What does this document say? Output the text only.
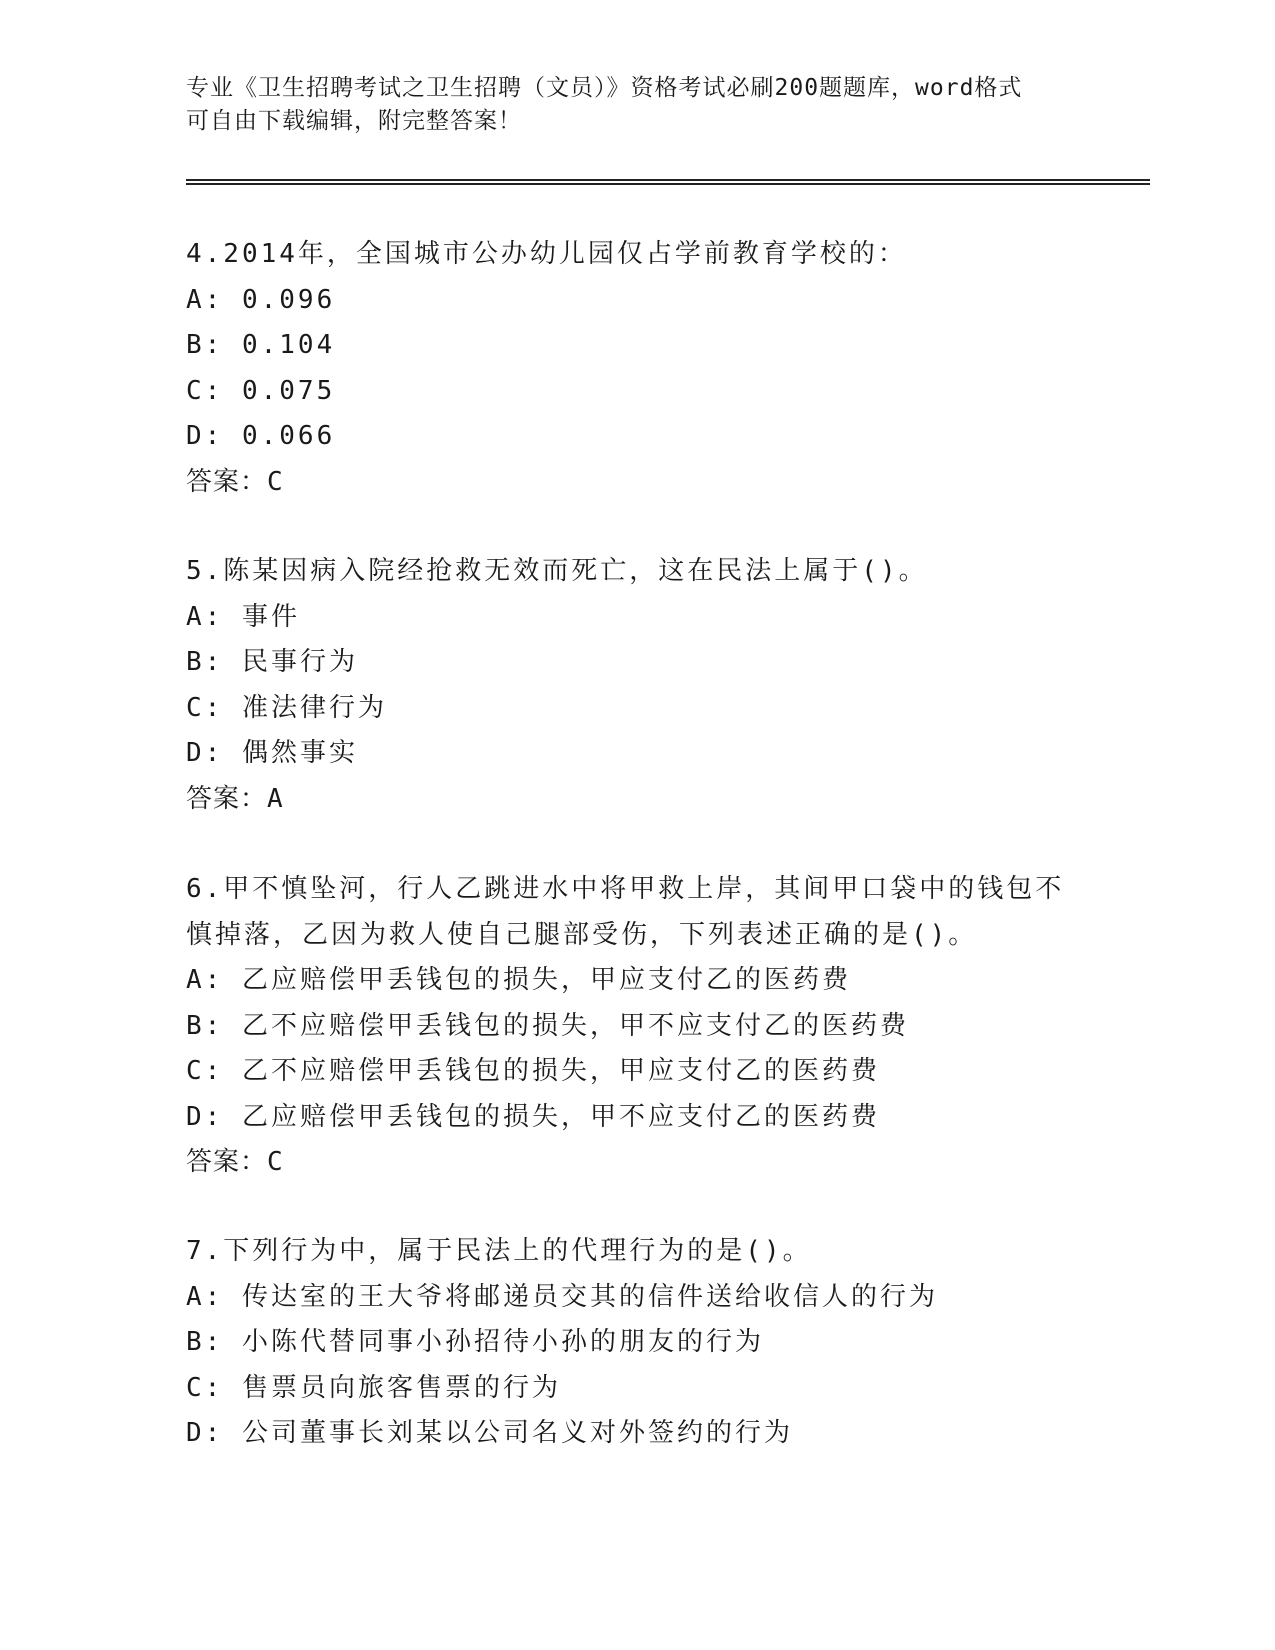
专业《卫生招聘考试之卫生招聘（文员）》资格考试必刷200题题库，word格式
可自由下载编辑，附完整答案！
4.2014年，全国城市公办幼儿园仅占学前教育学校的：
A: 0.096
B: 0.104
C: 0.075
D: 0.066
答案：C
5.陈某因病入院经抢救无效而死亡，这在民法上属于()。
A: 事件
B: 民事行为
C: 准法律行为
D: 偶然事实
答案：A
6.甲不慎坠河，行人乙跳进水中将甲救上岸，其间甲口袋中的钱包不
慎掉落，乙因为救人使自己腿部受伤，下列表述正确的是()。
A: 乙应赔偿甲丢钱包的损失，甲应支付乙的医药费
B: 乙不应赔偿甲丢钱包的损失，甲不应支付乙的医药费
C: 乙不应赔偿甲丢钱包的损失，甲应支付乙的医药费
D: 乙应赔偿甲丢钱包的损失，甲不应支付乙的医药费
答案：C
7.下列行为中，属于民法上的代理行为的是()。
A: 传达室的王大爷将邮递员交其的信件送给收信人的行为
B: 小陈代替同事小孙招待小孙的朋友的行为
C: 售票员向旅客售票的行为
D: 公司董事长刘某以公司名义对外签约的行为
